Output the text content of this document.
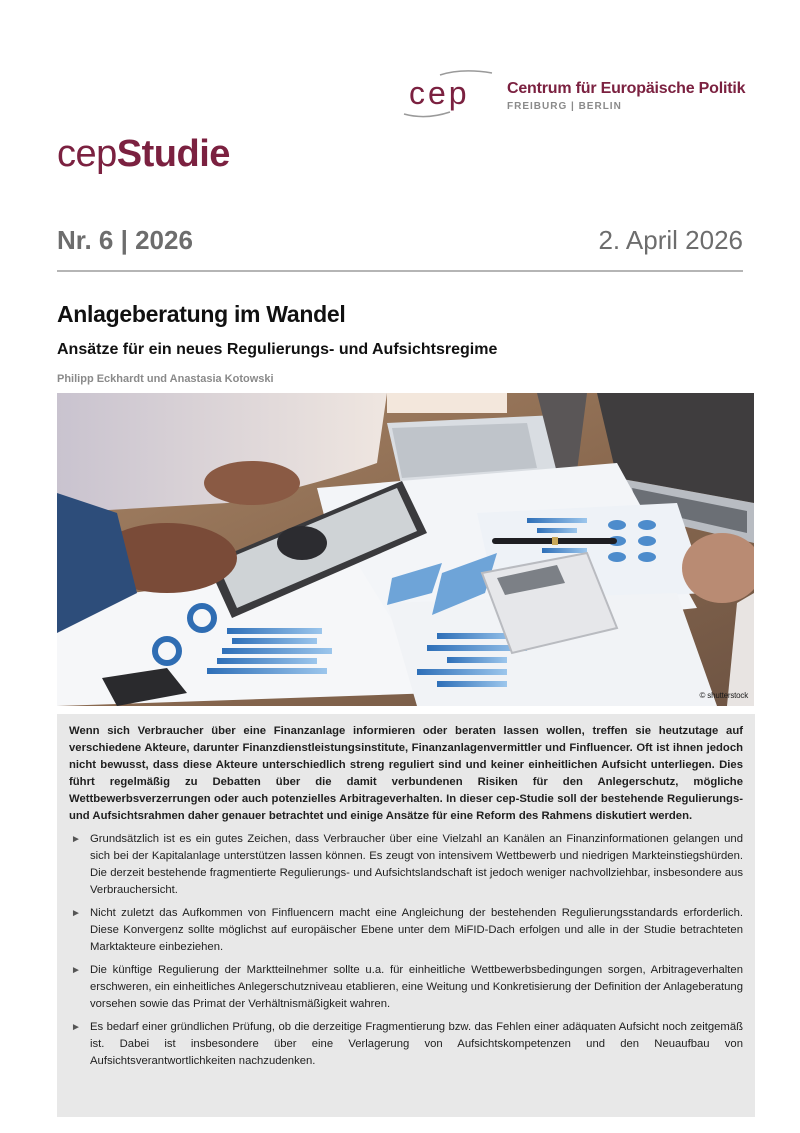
cep Centrum für Europäische Politik
FREIBURG | BERLIN
cepStudie
Nr. 6 | 2026	2. April 2026
Anlageberatung im Wandel
Ansätze für ein neues Regulierungs- und Aufsichtsregime
Philipp Eckhardt und Anastasia Kotowski
© shutterstock

Wenn sich Verbraucher über eine Finanzanlage informieren oder beraten lassen wollen, treffen sie heutzutage auf verschiedene Akteure, darunter Finanzdienstleistungsinstitute, Finanzanlagenvermittler und Finfluencer. Oft ist ihnen jedoch nicht bewusst, dass diese Akteure unterschiedlich streng reguliert sind und keiner einheitlichen Aufsicht unterliegen. Dies führt regelmäßig zu Debatten über die damit verbundenen Risiken für den Anlegerschutz, mögliche Wettbewerbsverzerrungen oder auch potenzielles Arbitrageverhalten. In dieser cep-Studie soll der bestehende Regulierungs- und Aufsichtsrahmen daher genauer betrachtet und einige Ansätze für eine Reform des Rahmens diskutiert werden.

► Grundsätzlich ist es ein gutes Zeichen, dass Verbraucher über eine Vielzahl an Kanälen an Finanzinformationen gelangen und sich bei der Kapitalanlage unterstützen lassen können. Es zeugt von intensivem Wettbewerb und niedrigen Markteinstiegshürden. Die derzeit bestehende fragmentierte Regulierungs- und Aufsichtslandschaft ist jedoch weniger nachvollziehbar, insbesondere aus Verbrauchersicht.
► Nicht zuletzt das Aufkommen von Finfluencern macht eine Angleichung der bestehenden Regulierungsstandards erforderlich. Diese Konvergenz sollte möglichst auf europäischer Ebene unter dem MiFID-Dach erfolgen und alle in der Studie betrachteten Marktakteure einbeziehen.
► Die künftige Regulierung der Marktteilnehmer sollte u.a. für einheitliche Wettbewerbsbedingungen sorgen, Arbitrageverhalten erschweren, ein einheitliches Anlegerschutzniveau etablieren, eine Weitung und Konkretisierung der Definition der Anlageberatung vorsehen sowie das Primat der Verhältnismäßigkeit wahren.
► Es bedarf einer gründlichen Prüfung, ob die derzeitige Fragmentierung bzw. das Fehlen einer adäquaten Aufsicht noch zeitgemäß ist. Dabei ist insbesondere über eine Verlagerung von Aufsichtskompetenzen und den Neuaufbau von Aufsichtsverantwortlichkeiten nachzudenken.
